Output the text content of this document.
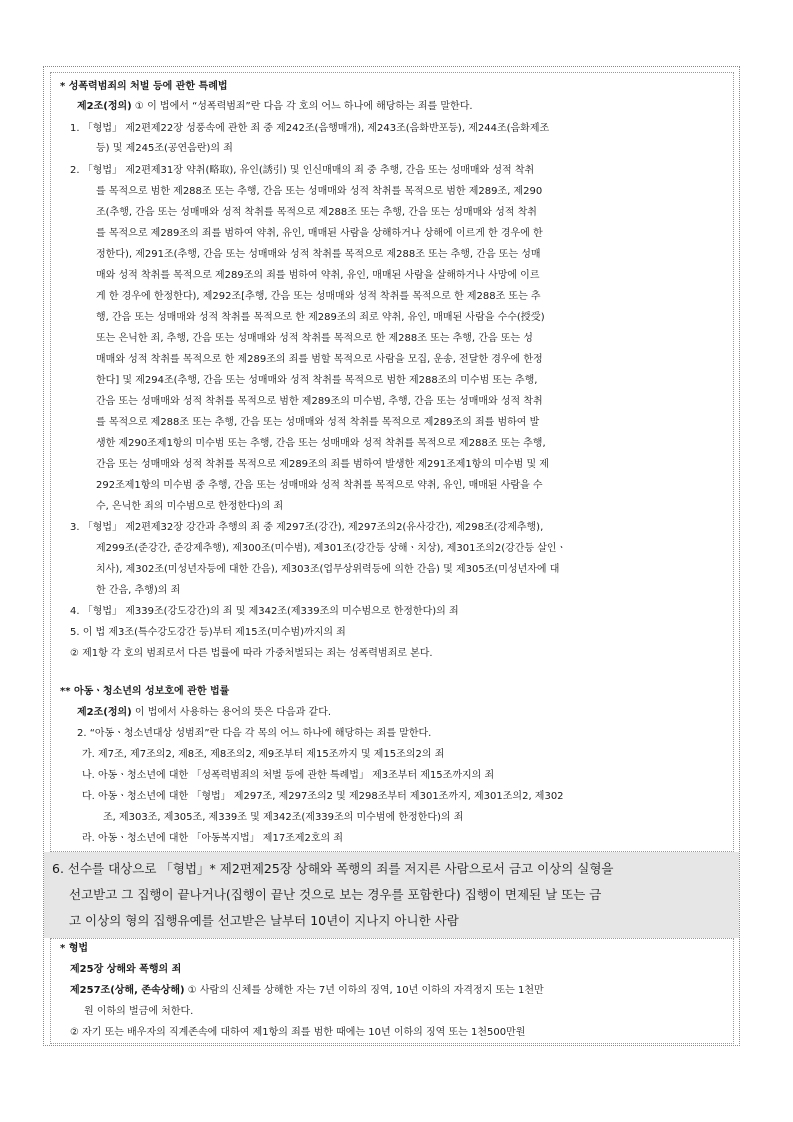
* 성폭력범죄의 처벌 등에 관한 특례법
제2조(정의) ① 이 법에서 “성폭력범죄”란 다음 각 호의 어느 하나에 해당하는 죄를 말한다.
1. 「형법」 제2편제22장 성풍속에 관한 죄 중 제242조(음행매개), 제243조(음화반포등), 제244조(음화제조
등) 및 제245조(공연음란)의 죄
2. 「형법」 제2편제31장 약취(略取), 유인(誘引) 및 인신매매의 죄 중 추행, 간음 또는 성매매와 성적 착취
를 목적으로 범한 제288조 또는 추행, 간음 또는 성매매와 성적 착취를 목적으로 범한 제289조, 제290
조(추행, 간음 또는 성매매와 성적 착취를 목적으로 제288조 또는 추행, 간음 또는 성매매와 성적 착취
를 목적으로 제289조의 죄를 범하여 약취, 유인, 매매된 사람을 상해하거나 상해에 이르게 한 경우에 한
정한다), 제291조(추행, 간음 또는 성매매와 성적 착취를 목적으로 제288조 또는 추행, 간음 또는 성매
매와 성적 착취를 목적으로 제289조의 죄를 범하여 약취, 유인, 매매된 사람을 살해하거나 사망에 이르
게 한 경우에 한정한다), 제292조[추행, 간음 또는 성매매와 성적 착취를 목적으로 한 제288조 또는 추
행, 간음 또는 성매매와 성적 착취를 목적으로 한 제289조의 죄로 약취, 유인, 매매된 사람을 수수(授受)
또는 은닉한 죄, 추행, 간음 또는 성매매와 성적 착취를 목적으로 한 제288조 또는 추행, 간음 또는 성
매매와 성적 착취를 목적으로 한 제289조의 죄를 범할 목적으로 사람을 모집, 운송, 전달한 경우에 한정
한다] 및 제294조(추행, 간음 또는 성매매와 성적 착취를 목적으로 범한 제288조의 미수범 또는 추행,
간음 또는 성매매와 성적 착취를 목적으로 범한 제289조의 미수범, 추행, 간음 또는 성매매와 성적 착취
를 목적으로 제288조 또는 추행, 간음 또는 성매매와 성적 착취를 목적으로 제289조의 죄를 범하여 발
생한 제290조제1항의 미수범 또는 추행, 간음 또는 성매매와 성적 착취를 목적으로 제288조 또는 추행,
간음 또는 성매매와 성적 착취를 목적으로 제289조의 죄를 범하여 발생한 제291조제1항의 미수범 및 제
292조제1항의 미수범 중 추행, 간음 또는 성매매와 성적 착취를 목적으로 약취, 유인, 매매된 사람을 수
수, 은닉한 죄의 미수범으로 한정한다)의 죄
3. 「형법」 제2편제32장 강간과 추행의 죄 중 제297조(강간), 제297조의2(유사강간), 제298조(강제추행),
제299조(준강간, 준강제추행), 제300조(미수범), 제301조(강간등 상해ㆍ치상), 제301조의2(강간등 살인ㆍ
치사), 제302조(미성년자등에 대한 간음), 제303조(업무상위력등에 의한 간음) 및 제305조(미성년자에 대
한 간음, 추행)의 죄
4. 「형법」 제339조(강도강간)의 죄 및 제342조(제339조의 미수범으로 한정한다)의 죄
5. 이 법 제3조(특수강도강간 등)부터 제15조(미수범)까지의 죄
② 제1항 각 호의 범죄로서 다른 법률에 따라 가중처벌되는 죄는 성폭력범죄로 본다.
** 아동ㆍ청소년의 성보호에 관한 법률
제2조(정의) 이 법에서 사용하는 용어의 뜻은 다음과 같다.
2. “아동ㆍ청소년대상 성범죄”란 다음 각 목의 어느 하나에 해당하는 죄를 말한다.
가. 제7조, 제7조의2, 제8조, 제8조의2, 제9조부터 제15조까지 및 제15조의2의 죄
나. 아동ㆍ청소년에 대한 「성폭력범죄의 처벌 등에 관한 특례법」 제3조부터 제15조까지의 죄
다. 아동ㆍ청소년에 대한 「형법」 제297조, 제297조의2 및 제298조부터 제301조까지, 제301조의2, 제302
조, 제303조, 제305조, 제339조 및 제342조(제339조의 미수범에 한정한다)의 죄
라. 아동ㆍ청소년에 대한 「아동복지법」 제17조제2호의 죄
6. 선수를 대상으로 「형법」* 제2편제25장 상해와 폭행의 죄를 저지른 사람으로서 금고 이상의 실형을
선고받고 그 집행이 끝나거나(집행이 끝난 것으로 보는 경우를 포함한다) 집행이 면제된 날 또는 금
고 이상의 형의 집행유예를 선고받은 날부터 10년이 지나지 아니한 사람
* 형법
제25장 상해와 폭행의 죄
제257조(상해, 존속상해) ① 사람의 신체를 상해한 자는 7년 이하의 징역, 10년 이하의 자격정지 또는 1천만
원 이하의 벌금에 처한다.
② 자기 또는 배우자의 직계존속에 대하여 제1항의 죄를 범한 때에는 10년 이하의 징역 또는 1천500만원
